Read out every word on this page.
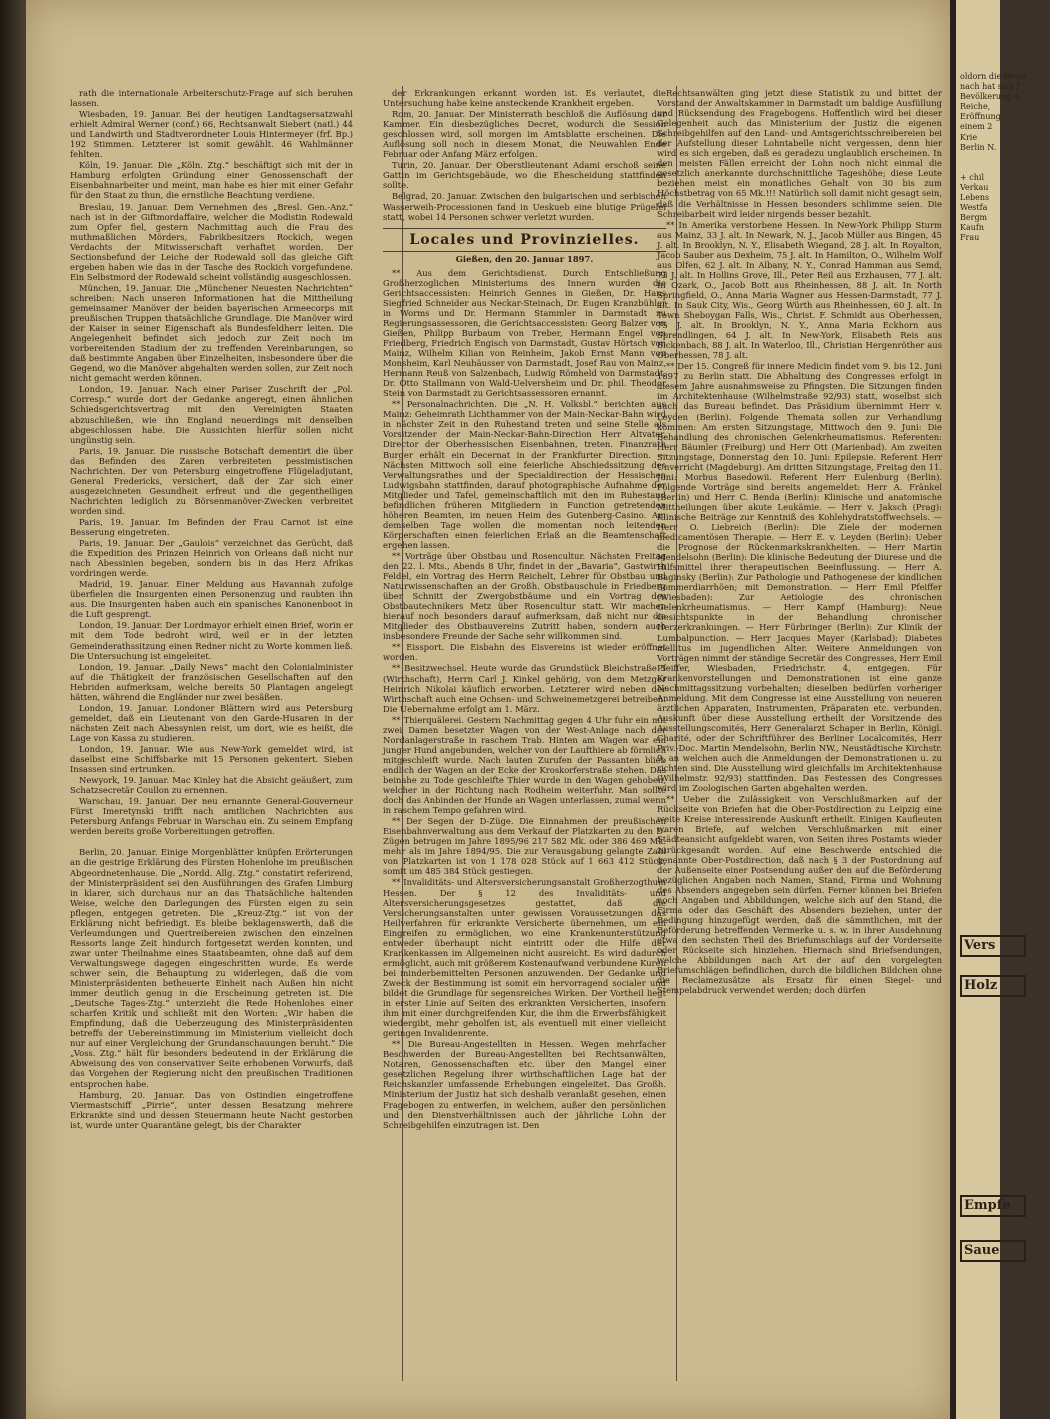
rath die internationale Arbeiterschutz-Frage auf sich beruhen lassen.

Wiesbaden, 19. Januar. Bei der heutigen Landtagsersatzwahl erhielt Admiral Werner (conf.) 66, Rechtsanwalt Siebert (natl.) 44 und Landwirth und Stadtverordneter Louis Hintermeyer (frf. Bp.) 192 Stimmen. Letzterer ist somit gewählt. 46 Wahlmänner fehlten.

Köln, 19. Januar. Die „Köln. Ztg.“ beschäftigt sich mit der in Hamburg erfolgten Gründung einer Genossenschaft der Eisenbahnarbeiter und meint, man habe es hier mit einer Gefahr für den Staat zu thun, die ernstliche Beachtung verdiene.

Breslau, 19. Januar. Dem Vernehmen des „Bresl. Gen.-Anz.“ nach ist in der Giftmordaffaire, welcher die Modistin Rodewald zum Opfer fiel, gestern Nachmittag auch die Frau des muthmaßlichen Mörders, Fabrikbesitzers Rockich, wegen Verdachts der Mitwisserschaft verhaftet worden. Der Sectionsbefund der Leiche der Rodewald soll das gleiche Gift ergeben haben wie das in der Tasche des Rockich vorgefundene. Ein Selbstmord der Rodewald scheint vollständig ausgeschlossen.

München, 19. Januar. Die „Münchener Neuesten Nachrichten“ schreiben: Nach unseren Informationen hat die Mittheilung gemeinsamer Manöver der beiden bayerischen Armeecorps mit preußischen Truppen thatsächliche Grundlage. Die Manöver wird der Kaiser in seiner Eigenschaft als Bundesfeldherr leiten. Die Angelegenheit befindet sich jedoch zur Zeit noch im vorbereitenden Stadium der zu treffenden Vereinbarungen, so daß bestimmte Angaben über Einzelheiten, insbesondere über die Gegend, wo die Manöver abgehalten werden sollen, zur Zeit noch nicht gemacht werden können.

London, 19. Januar. Nach einer Pariser Zuschrift der „Pol. Corresp.“ wurde dort der Gedanke angeregt, einen ähnlichen Schiedsgerichtsvertrag mit den Vereinigten Staaten abzuschließen, wie ihn England neuerdings mit denselben abgeschlossen habe. Die Aussichten hierfür sollen nicht ungünstig sein.

Paris, 19. Januar. Die russische Botschaft dementirt die über das Befinden des Zaren verbreiteten pessimistischen Nachrichten. Der von Petersburg eingetroffene Flügeladjutant, General Fredericks, versichert, daß der Zar sich einer ausgezeichneten Gesundheit erfreut und die gegentheiligen Nachrichten lediglich zu Börsenmanöver-Zwecken verbreitet worden sind.

Paris, 19. Januar. Im Befinden der Frau Carnot ist eine Besserung eingetreten.

Paris, 19. Januar. Der „Gaulois“ verzeichnet das Gerücht, daß die Expedition des Prinzen Heinrich von Orleans daß nicht nur nach Abessinien begeben, sondern bis in das Herz Afrikas vordringen werde.

Madrid, 19. Januar. Einer Meldung aus Havannah zufolge überfielen die Insurgenten einen Personenzug und raubten ihn aus. Die Insurgenten haben auch ein spanisches Kanonenboot in die Luft gesprengt.

London, 19. Januar. Der Lordmayor erhielt einen Brief, worin er mit dem Tode bedroht wird, weil er in der letzten Gemeinderathssitzung einen Redner nicht zu Worte kommen ließ. Die Untersuchung ist eingeleitet.

London, 19. Januar. „Daily News“ macht den Colonialminister auf die Thätigkeit der französischen Gesellschaften auf den Hebriden aufmerksam, welche bereits 50 Plantagen angelegt hätten, während die Engländer nur zwei besäßen.

London, 19. Januar. Londoner Blättern wird aus Petersburg gemeldet, daß ein Lieutenant von den Garde-Husaren in der nächsten Zeit nach Abessynien reist, um dort, wie es heißt, die Lage von Kassa zu studieren.

London, 19. Januar. Wie aus New-York gemeldet wird, ist daselbst eine Schiffsbarke mit 15 Personen gekentert. Sieben Insassen sind ertrunken.

Newyork, 19. Januar. Mac Kinley hat die Absicht geäußert, zum Schatzsecretär Coullon zu ernennen.

Warschau, 19. Januar. Der neu ernannte General-Gouverneur Fürst Imeretynski trifft nach amtlichen Nachrichten aus Petersburg Anfangs Februar in Warschau ein. Zu seinem Empfang werden bereits große Vorbereitungen getroffen.

Berlin, 20. Januar. Einige Morgenblätter knüpfen Erörterungen an die gestrige Erklärung des Fürsten Hohenlohe im preußischen Abgeordnetenhause. Die „Nordd. Allg. Ztg.“ constatirt referirend, der Ministerpräsident sei den Ausführungen des Grafen Limburg in klarer, sich durchaus nur an das Thatsächliche haltenden Weise, welche den Darlegungen des Fürsten eigen zu sein pflegen, entgegen getreten. Die „Kreuz-Ztg.“ ist von der Erklärung nicht befriedigt. Es bleibe beklagenswerth, daß die Verleumdungen und Quertreibereien zwischen den einzelnen Ressorts lange Zeit hindurch fortgesetzt werden konnten, und zwar unter Theilnahme eines Staatsbeamten, ohne daß auf dem Verwaltungswege dagegen eingeschritten wurde. Es werde schwer sein, die Behauptung zu widerlegen, daß die vom Ministerpräsidenten betheuerte Einheit nach Außen hin nicht immer deutlich genug in die Erscheinung getreten ist. Die „Deutsche Tages-Ztg.“ unterzieht die Rede Hohenlohes einer scharfen Kritik und schließt mit den Worten: „Wir haben die Empfindung, daß die Ueberzeugung des Ministerpräsidenten betreffs der Uebereinstimmung im Ministerium vielleicht doch nur auf einer Vergleichung der Grundanschauungen beruht.“ Die „Voss. Ztg.“ hält für besonders bedeutend in der Erklärung die Abweisung des von conservativer Seite erhobenen Vorwurfs, daß das Vorgehen der Regierung nicht den preußischen Traditionen entsprochen habe.

Hamburg, 20. Januar. Das von Ostindien eingetroffene Viermastschiff „Pirrie“, unter dessen Besatzung mehrere Erkrankte sind und dessen Steuermann heute Nacht gestorben ist, wurde unter Quarantäne gelegt, bis der Charakter

der Erkrankungen erkannt worden ist. Es verlautet, die Untersuchung habe keine ansteckende Krankheit ergeben.

Rom, 20. Januar. Der Ministerrath beschloß die Auflösung der Kammer. Ein diesbezügliches Decret, wodurch die Session geschlossen wird, soll morgen im Amtsblatte erscheinen. Die Auflösung soll noch in diesem Monat, die Neuwahlen Ende Februar oder Anfang März erfolgen.

Turin, 20. Januar. Der Oberstlieutenant Adami erschoß seine Gattin im Gerichtsgebäude, wo die Ehescheidung stattfinden sollte.

Belgrad, 20. Januar. Zwischen den bulgarischen und serbischen Wasserweih-Processionen fand in Ueskueb eine blutige Prügelei statt, wobei 14 Personen schwer verletzt wurden.

Locales und Provinzielles.
Gießen, den 20. Januar 1897.

** Aus dem Gerichtsdienst. Durch Entschließung Großherzoglichen Ministeriums des Innern wurden die Gerichtsaccessisten: Heinrich Gennes in Gießen, Dr. Hans Siegfried Schneider aus Neckar-Steinach, Dr. Eugen Kranzbühler in Worms und Dr. Hermann Stammler in Darmstadt zu Regierungsassessoren, die Gerichtsaccessisten: Georg Balzer von Gießen, Philipp Burbaum von Treber, Hermann Engel von Friedberg, Friedrich Engisch von Darmstadt, Gustav Hörtsch von Mainz, Wilhelm Kilian von Reinheim, Jakob Ernst Mann von Monsheim, Karl Neuhäusser von Darmstadt, Josef Rau von Mainz, Hermann Reuß von Salzenbach, Ludwig Römheld von Darmstadt, Dr. Otto Stallmann von Wald-Uelversheim und Dr. phil. Theodor Stein von Darmstadt zu Gerichtsassessoren ernannt.

** Personalnachrichten. Die „N. H. Volksbl.“ berichten aus Mainz: Geheimrath Lichthammer von der Main-Neckar-Bahn wird in nächster Zeit in den Ruhestand treten und seine Stelle als Vorsitzender der Main-Neckar-Bahn-Direction Herr Altvater, Director der Oberhessischen Eisenbahnen, treten. Finanzrath Burger erhält ein Decernat in der Frankfurter Direction. — Nächsten Mittwoch soll eine feierliche Abschiedssitzung des Verwaltungsrathes und der Specialdirection der Hessischen Ludwigsbahn stattfinden, darauf photographische Aufnahme der Mitglieder und Tafel, gemeinschaftlich mit den im Ruhestand befindlichen früheren Mitgliedern in Function getretenden höheren Beamten, im neuen Heim des Gutenberg-Casino. Am demselben Tage wollen die momentan noch leitenden Körperschaften einen feierlichen Erlaß an die Beamtenschaft ergehen lassen.

** Vorträge über Obstbau und Rosencultur. Nächsten Freitag den 22. l. Mts., Abends 8 Uhr, findet in der „Bavaria“, Gastwirth Feldel, ein Vortrag des Herrn Reichelt, Lehrer für Obstbau und Naturwissenschaften an der Großh. Obstbauschule in Friedberg über Schnitt der Zwergobstbäume und ein Vortrag des Obstbautechnikers Metz über Rosencultur statt. Wir machen hierauf noch besonders darauf aufmerksam, daß nicht nur die Mitglieder des Obstbauvereins Zutritt haben, sondern auch insbesondere Freunde der Sache sehr willkommen sind.

** Eissport. Die Eisbahn des Eisvereins ist wieder eröffnet worden.

** Besitzwechsel. Heute wurde das Grundstück Bleichstraße 5 (Wirthschaft), Herrn Carl J. Kinkel gehörig, von dem Metzger Heinrich Nikolai käuflich erworben. Letzterer wird neben der Wirthschaft auch eine Ochsen- und Schweinemetzgerei betreiben. Die Uebernahme erfolgt am 1. März.

** Thierquälerei. Gestern Nachmittag gegen 4 Uhr fuhr ein mit zwei Damen besetzter Wagen von der West-Anlage nach der Nordanlagerstraße in raschem Trab. Hinten am Wagen war ein junger Hund angebunden, welcher von der Laufthiere ab förmlich mitgeschleift wurde. Nach lauten Zurufen der Passanten blieb endlich der Wagen an der Ecke der Kroskorferstraße stehen. Das beinahe zu Tode geschleifte Thier wurde in den Wagen gehoben, welcher in der Richtung nach Rodheim weiterfuhr. Man sollte doch das Anbinden der Hunde an Wagen unterlassen, zumal wenn in raschem Tempo gefahren wird.

** Der Segen der D-Züge. Die Einnahmen der preußischen Eisenbahnverwaltung aus dem Verkauf der Platzkarten zu den D-Zügen betrugen im Jahre 1895/96 217 582 Mk. oder 386 469 Mk. mehr als im Jahre 1894/95. Die zur Verausgabung gelangte Zahl von Platzkarten ist von 1 178 028 Stück auf 1 663 412 Stück, somit um 485 384 Stück gestiegen.

** Invaliditäts- und Altersversicherungsanstalt Großherzogthum Hessen. Der § 12 des Invaliditäts- und Altersversicherungsgesetzes gestattet, daß die Versicherungsanstalten unter gewissen Voraussetzungen das Heilverfahren für erkrankte Versicherte übernehmen, um ein Eingreifen zu ermöglichen, wo eine Krankenunterstützung entweder überhaupt nicht eintritt oder die Hilfe der Krankenkassen im Allgemeinen nicht ausreicht. Es wird dadurch ermöglicht, auch mit größerem Kostenaufwand verbundene Kuren bei minderbemittelten Personen anzuwenden. Der Gedanke und Zweck der Bestimmung ist somit ein hervorragend socialer und bildet die Grundlage für segensreiches Wirken. Der Vortheil liegt in erster Linie auf Seiten des erkrankten Versicherten, insofern ihm mit einer durchgreifenden Kur, die ihm die Erwerbsfähigkeit wiedergibt, mehr geholfen ist, als eventuell mit einer vielleicht geringen Invalidenrente.

** Die Bureau-Angestellten in Hessen. Wegen mehrfacher Beschwerden der Bureau-Angestellten bei Rechtsanwälten, Notaren, Genossenschaften etc. über den Mangel einer gesetzlichen Regelung ihrer wirthschaftlichen Lage hat der Reichskanzler umfassende Erhebungen eingeleitet. Das Großh. Ministerium der Justiz hat sich deshalb veranlaßt gesehen, einen Fragebogen zu entwerfen, in welchem, außer den persönlichen und den Dienstverhältnissen auch der jährliche Lohn der Schreibgehilfen einzutragen ist. Den

Rechtsanwälten ging jetzt diese Statistik zu und bittet der Vorstand der Anwaltskammer in Darmstadt um baldige Ausfüllung und Rücksendung des Fragebogens. Hoffentlich wird bei dieser Gelegenheit auch das Ministerium der Justiz die eigenen Schreibgehilfen auf den Land- und Amtsgerichtsschreibereien bei der Aufstellung dieser Lohntabelle nicht vergessen, denn hier wird es sich ergeben, daß es geradezu unglaublich erscheinen. In den meisten Fällen erreicht der Lohn noch nicht einmal die gesetzlich anerkannte durchschnittliche Tageshöhe; diese Leute beziehen meist ein monatliches Gehalt von 30 bis zum Höchstbetrag von 65 Mk.!!! Natürlich soll damit nicht gesagt sein, daß die Verhältnisse in Hessen besonders schlimme seien. Die Schreibarbeit wird leider nirgends besser bezahlt.

** In Amerika verstorbene Hessen. In New-York Philipp Sturm aus Mainz, 33 J. alt. In Newark, N. J., Jacob Müller aus Bingen, 45 J. alt. In Brooklyn, N. Y., Elisabeth Wiegand, 28 J. alt. In Royalton, Jacob Sauber aus Dexheim, 75 J. alt. In Hamilton, O., Wilhelm Wolf aus Olfen, 62 J. alt. In Albany, N. Y., Conrad Hamman aus Semd, 73 J. alt. In Hollins Grove, Ill., Peter Reil aus Erzhausen, 77 J. alt. In Ozark, O., Jacob Bott aus Rheinhessen, 88 J. alt. In North Springfield, O., Anna Maria Wagner aus Hessen-Darmstadt, 77 J. alt. In Sauk City, Wis., Georg Würth aus Rheinhessen, 60 J. alt. In Town Sheboygan Falls, Wis., Christ. F. Schmidt aus Oberhessen, 75 J. alt. In Brooklyn, N. Y., Anna Maria Eckhorn aus Sprendlingen, 64 J. alt. In New-York, Elisabeth Reis aus Bickenbach, 88 J. alt. In Waterloo, Ill., Christian Hergenröther aus Oberhessen, 78 J. alt.

** Der 15. Congreß für innere Medicin findet vom 9. bis 12. Juni 1897 zu Berlin statt. Die Abhaltung des Congresses erfolgt in diesem Jahre ausnahmsweise zu Pfingsten. Die Sitzungen finden im Architektenhause (Wilhelmstraße 92/93) statt, woselbst sich auch das Bureau befindet. Das Präsidium übernimmt Herr v. Leyden (Berlin). Folgende Themata sollen zur Verhandlung kommen: Am ersten Sitzungstage, Mittwoch den 9. Juni: Die Behandlung des chronischen Gelenkrheumatismus. Referenten: Herr Bäumler (Freiburg) und Herr Ott (Marienbad). Am zweiten Sitzungstage, Donnerstag den 10. Juni: Epilepsie. Referent Herr Unverricht (Magdeburg). Am dritten Sitzungstage, Freitag den 11. Juni: Morbus Basedowii. Referent Herr Eulenburg (Berlin). Folgende Vorträge sind bereits angemeldet: Herr A. Fränkel (Berlin) und Herr C. Benda (Berlin): Klinische und anatomische Mittheilungen über akute Leukämie. — Herr v. Jaksch (Prag): Klinische Beiträge zur Kenntniß des Kohlehydratstoffwechsels. — Herr O. Liebreich (Berlin): Die Ziele der modernen medicamentösen Therapie. — Herr E. v. Leyden (Berlin): Ueber die Prognose der Rückenmarkskrankheiten. — Herr Martin Mendelsohn (Berlin): Die klinische Bedeutung der Diurese und die Hilfsmittel ihrer therapeutischen Beeinflussung. — Herr A. Baginsky (Berlin): Zur Pathologie und Pathogenese der kindlichen Sommerdiarrhöen; mit Demonstration. — Herr Emil Pfeiffer (Wiesbaden): Zur Aetiologie des chronischen Gelenkrheumatismus. — Herr Kampf (Hamburg): Neue Gesichtspunkte in der Behandlung chronischer Herzerkrankungen. — Herr Fürbringer (Berlin): Zur Klinik der Lumbalpunction. — Herr Jacques Mayer (Karlsbad): Diabetes mellitus im jugendlichen Alter. Weitere Anmeldungen von Vorträgen nimmt der ständige Secretär des Congresses, Herr Emil Pfeiffer, Wiesbaden, Friedrichstr. 4, entgegen. Für Krankenvorstellungen und Demonstrationen ist eine ganze Nachmittagssitzung vorbehalten; dieselben bedürfen vorheriger Anmeldung. Mit dem Congresse ist eine Ausstellung von neueren ärztlichen Apparaten, Instrumenten, Präparaten etc. verbunden. Auskunft über diese Ausstellung ertheilt der Vorsitzende des Ausstellungscomités, Herr Generalarzt Schaper in Berlin, Königl. Charité, oder der Schriftführer des Berliner Localcomités, Herr Priv.-Doc. Martin Mendelsohn, Berlin NW., Neustädtische Kirchstr. 9, an welchen auch die Anmeldungen der Demonstrationen u. zu richten sind. Die Ausstellung wird gleichfalls im Architektenhause (Wilhelmstr. 92/93) stattfinden. Das Festessen des Congresses wird im Zoologischen Garten abgehalten werden.

** Ueber die Zulässigkeit von Verschlußmarken auf der Rückseite von Briefen hat die Ober-Postdirection zu Leipzig eine weite Kreise interessirende Auskunft ertheilt. Einigen Kaufleuten waren Briefe, auf welchen Verschlußmarken mit einer Städteansicht aufgeklebt waren, von Seiten ihres Postamts wieder zurückgesandt worden. Auf eine Beschwerde entschied die genannte Ober-Postdirection, daß nach § 3 der Postordnung auf der Außenseite einer Postsendung außer den auf die Beförderung bezüglichen Angaben noch Namen, Stand, Firma und Wohnung des Absenders angegeben sein dürfen. Ferner können bei Briefen noch Angaben und Abbildungen, welche sich auf den Stand, die Firma oder das Geschäft des Absenders beziehen, unter der Bedingung hinzugefügt werden, daß die sämmtlichen, mit der Beförderung betreffenden Vermerke u. s. w. in ihrer Ausdehnung etwa den sechsten Theil des Briefumschlags auf der Vorderseite oder Rückseite sich hinziehen. Hiernach sind Briefsendungen, welche Abbildungen nach Art der auf den vorgelegten Briefumschlägen befindlichen, durch die bildlichen Bildchen ohne die Reclamezusätze als Ersatz für einen Siegel- und Stempelabdruck verwendet werden; doch dürfen

oldorn die Bewo
nach hat sich f
Bevölkerung A
Reiche,
Eröffnung
einem 2
Krie
Berlin N.
+ chil
Verkau
Lebens
Westfa
Bergm
Kaufn
Frau
Vers
Holz
Empfe
Saue
